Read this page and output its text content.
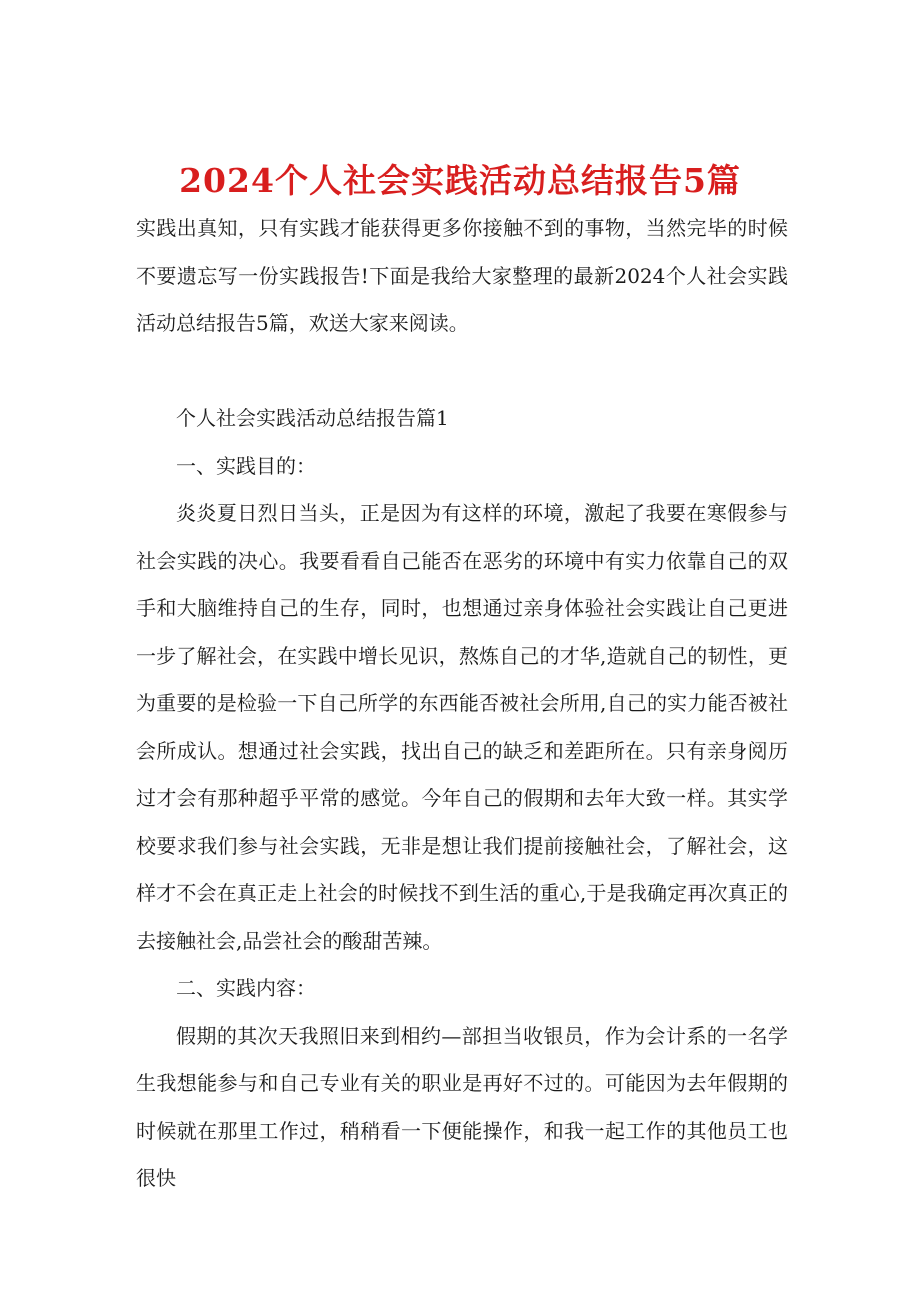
2024个人社会实践活动总结报告5篇

实践出真知，只有实践才能获得更多你接触不到的事物，当然完毕的时候不要遗忘写一份实践报告!下面是我给大家整理的最新2024个人社会实践活动总结报告5篇，欢送大家来阅读。

个人社会实践活动总结报告篇1

一、实践目的：

炎炎夏日烈日当头，正是因为有这样的环境，激起了我要在寒假参与社会实践的决心。我要看看自己能否在恶劣的环境中有实力依靠自己的双手和大脑维持自己的生存，同时，也想通过亲身体验社会实践让自己更进一步了解社会，在实践中增长见识，熬炼自己的才华,造就自己的韧性，更为重要的是检验一下自己所学的东西能否被社会所用,自己的实力能否被社会所成认。想通过社会实践，找出自己的缺乏和差距所在。只有亲身阅历过才会有那种超乎平常的感觉。今年自己的假期和去年大致一样。其实学校要求我们参与社会实践，无非是想让我们提前接触社会，了解社会，这样才不会在真正走上社会的时候找不到生活的重心,于是我确定再次真正的去接触社会,品尝社会的酸甜苦辣。

二、实践内容：

假期的其次天我照旧来到相约—部担当收银员，作为会计系的一名学生我想能参与和自己专业有关的职业是再好不过的。可能因为去年假期的时候就在那里工作过，稍稍看一下便能操作，和我一起工作的其他员工也很快
